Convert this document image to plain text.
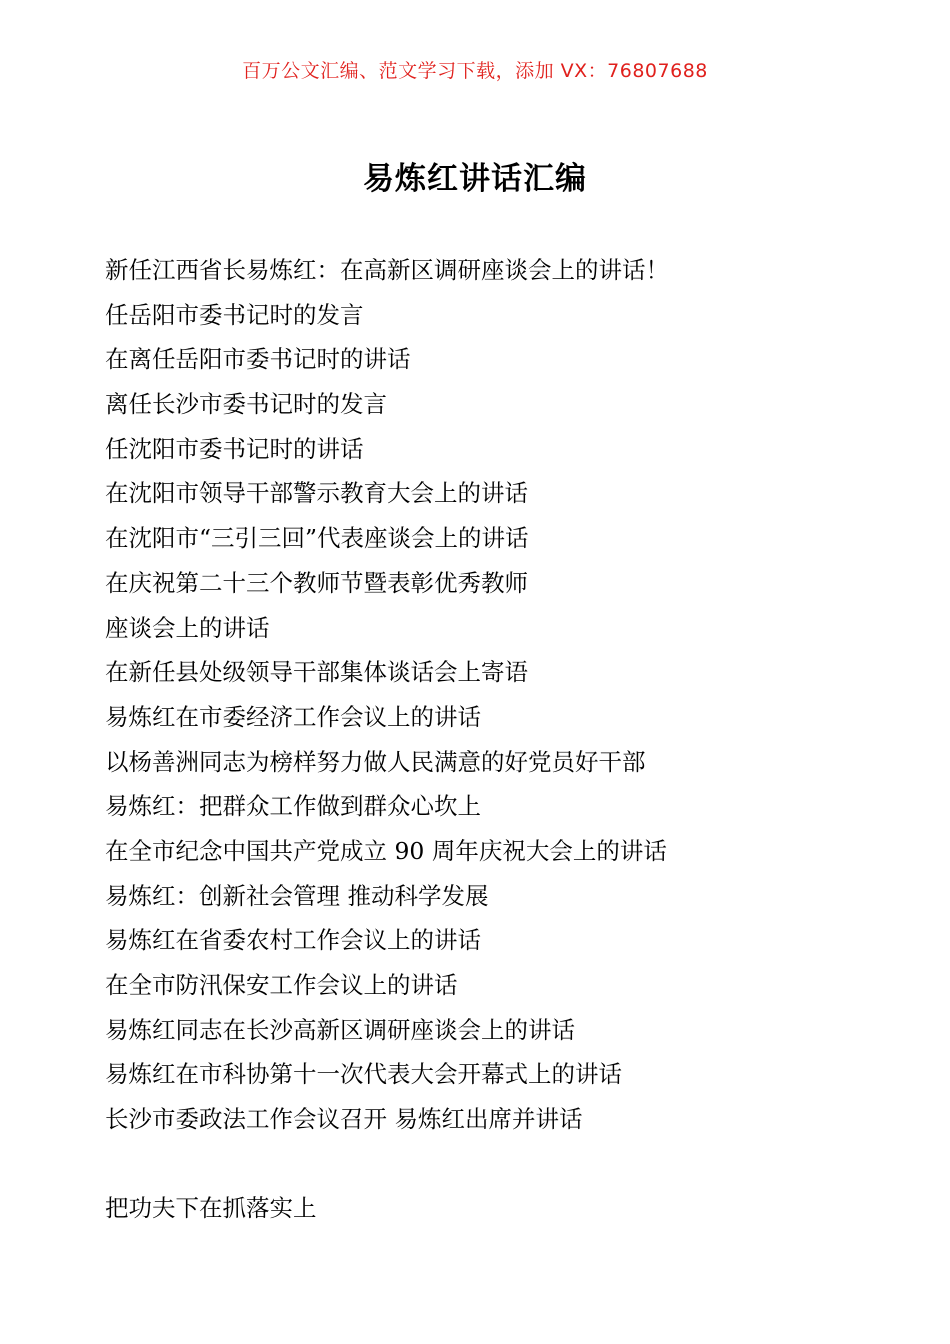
百万公文汇编、范文学习下载，添加 VX：76807688
易炼红讲话汇编
新任江西省长易炼红：在高新区调研座谈会上的讲话！
任岳阳市委书记时的发言
在离任岳阳市委书记时的讲话
离任长沙市委书记时的发言
任沈阳市委书记时的讲话
在沈阳市领导干部警示教育大会上的讲话
在沈阳市“三引三回”代表座谈会上的讲话
在庆祝第二十三个教师节暨表彰优秀教师
座谈会上的讲话
在新任县处级领导干部集体谈话会上寄语
易炼红在市委经济工作会议上的讲话
以杨善洲同志为榜样努力做人民满意的好党员好干部
易炼红：把群众工作做到群众心坎上
在全市纪念中国共产党成立 90 周年庆祝大会上的讲话
易炼红：创新社会管理 推动科学发展
易炼红在省委农村工作会议上的讲话
在全市防汛保安工作会议上的讲话
易炼红同志在长沙高新区调研座谈会上的讲话
易炼红在市科协第十一次代表大会开幕式上的讲话
长沙市委政法工作会议召开 易炼红出席并讲话
把功夫下在抓落实上
